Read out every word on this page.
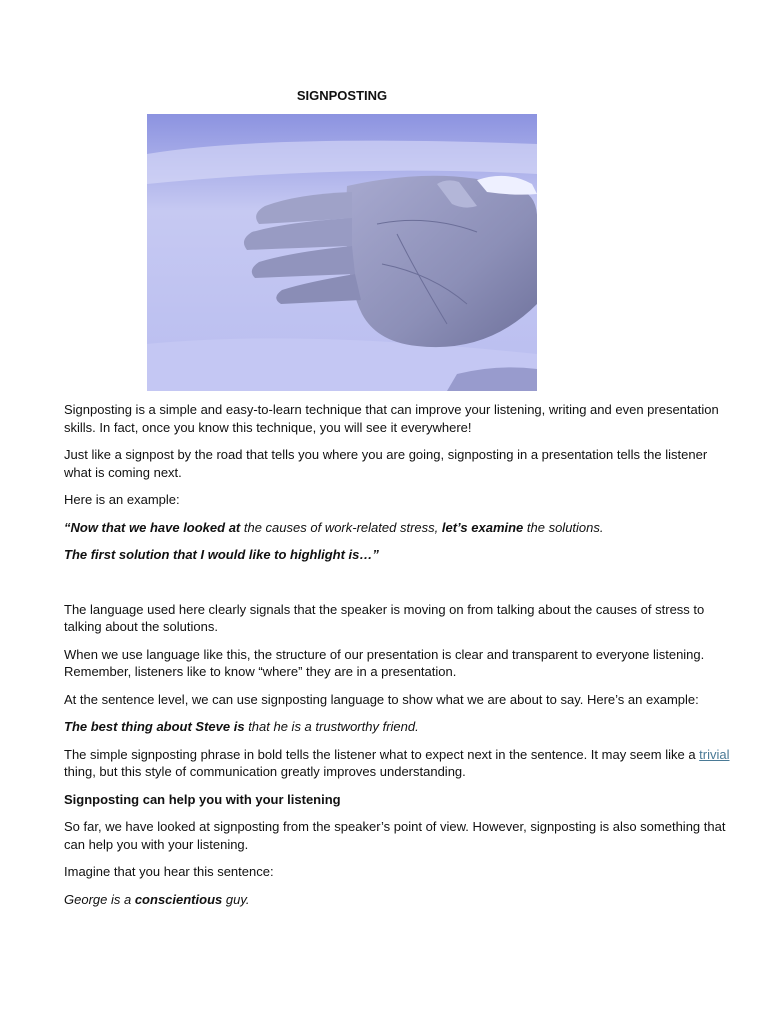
SIGNPOSTING

Signposting is a simple and easy-to-learn technique that can improve your listening, writing and even presentation skills. In fact, once you know this technique, you will see it everywhere!

Just like a signpost by the road that tells you where you are going, signposting in a presentation tells the listener what is coming next.

Here is an example:

“Now that we have looked at the causes of work-related stress, let’s examine the solutions.

The first solution that I would like to highlight is…”

The language used here clearly signals that the speaker is moving on from talking about the causes of stress to talking about the solutions.

When we use language like this, the structure of our presentation is clear and transparent to everyone listening. Remember, listeners like to know “where” they are in a presentation.

At the sentence level, we can use signposting language to show what we are about to say. Here’s an example:

The best thing about Steve is that he is a trustworthy friend.

The simple signposting phrase in bold tells the listener what to expect next in the sentence. It may seem like a trivial thing, but this style of communication greatly improves understanding.

Signposting can help you with your listening

So far, we have looked at signposting from the speaker’s point of view. However, signposting is also something that can help you with your listening.

Imagine that you hear this sentence:

George is a conscientious guy.
